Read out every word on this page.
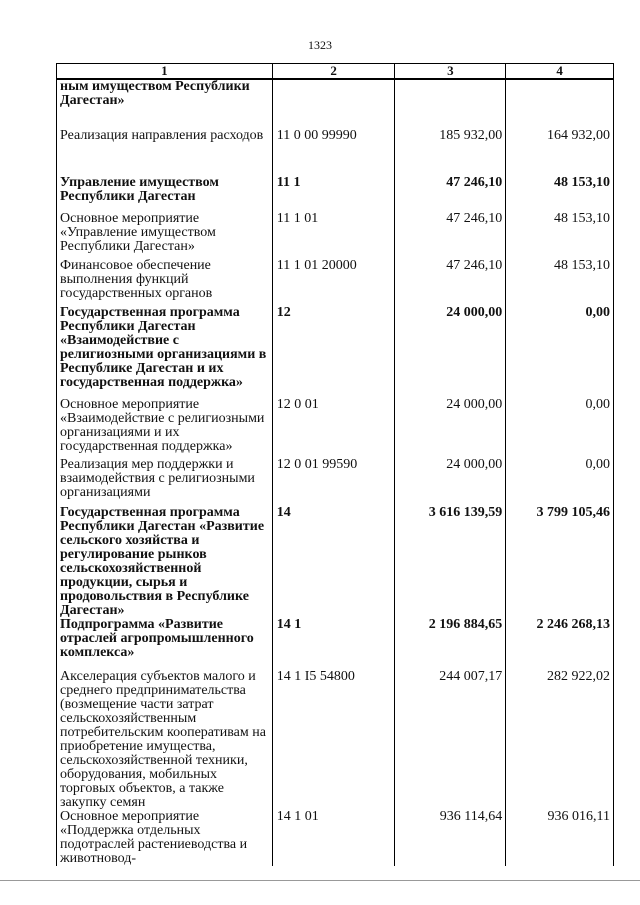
1323
1	2	3	4
ным имуществом Республики Дагестан»			
Реализация направления расходов	11 0 00 99990	185 932,00	164 932,00
Управление имуществом Республики Дагестан	11 1	47 246,10	48 153,10
Основное мероприятие «Управление имуществом Республики Дагестан»	11 1 01	47 246,10	48 153,10
Финансовое обеспечение выполнения функций государственных органов	11 1 01 20000	47 246,10	48 153,10
Государственная программа Республики Дагестан «Взаимодействие с религиозными организациями в Республике Дагестан и их государственная поддержка»	12	24 000,00	0,00
Основное мероприятие «Взаимодействие с религиозными организациями и их государственная поддержка»	12 0 01	24 000,00	0,00
Реализация мер поддержки и взаимодействия с религиозными организациями	12 0 01 99590	24 000,00	0,00
Государственная программа Республики Дагестан «Развитие сельского хозяйства и регулирование рынков сельскохозяйственной продукции, сырья и продовольствия в Республике Дагестан»	14	3 616 139,59	3 799 105,46
Подпрограмма «Развитие отраслей агропромышленного комплекса»	14 1	2 196 884,65	2 246 268,13
Акселерация субъектов малого и среднего предпринимательства (возмещение части затрат сельскохозяйственным потребительским кооперативам на приобретение имущества, сельскохозяйственной техники, оборудования, мобильных торговых объектов, а также закупку семян	14 1 I5 54800	244 007,17	282 922,02
Основное мероприятие «Поддержка отдельных подотраслей растениеводства и животновод-	14 1 01	936 114,64	936 016,11
